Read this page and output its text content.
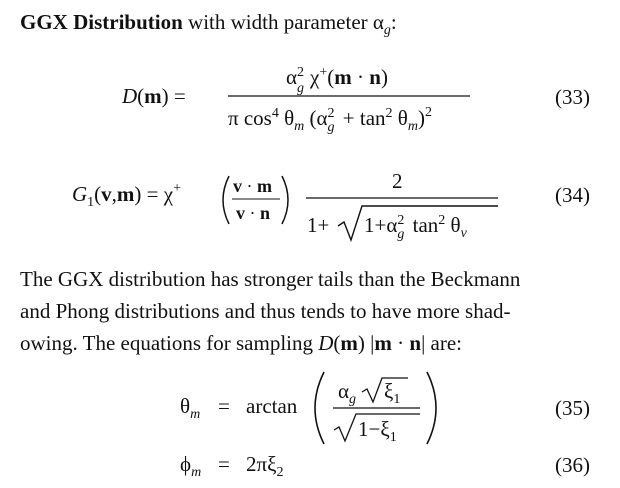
GGX Distribution with width parameter $\alpha_g$:
(33)
(34)
(35)
(36)
D(m) =
$\alpha_g2$ χ+(m · n)
π $\cos^4 \theta_m$ $(\alpha_g2 + \tan^2 \theta_m)^2$
$G_1(v,m) = \chi^+$	v · m
v · n
2
$1+ 1+\alpha_g2$ $\tan^2 \theta_v$
$\theta_m = \arctan$
$\alpha_g$ $\xi_1$
$1-\xi_1$
$\phi_m = 2\pi\xi_2$
The GGX distribution has stronger tails than the Beckmann
and Phong distributions and thus tends to have more shad-
owing. The equations for sampling D(m) |m · n| are:
